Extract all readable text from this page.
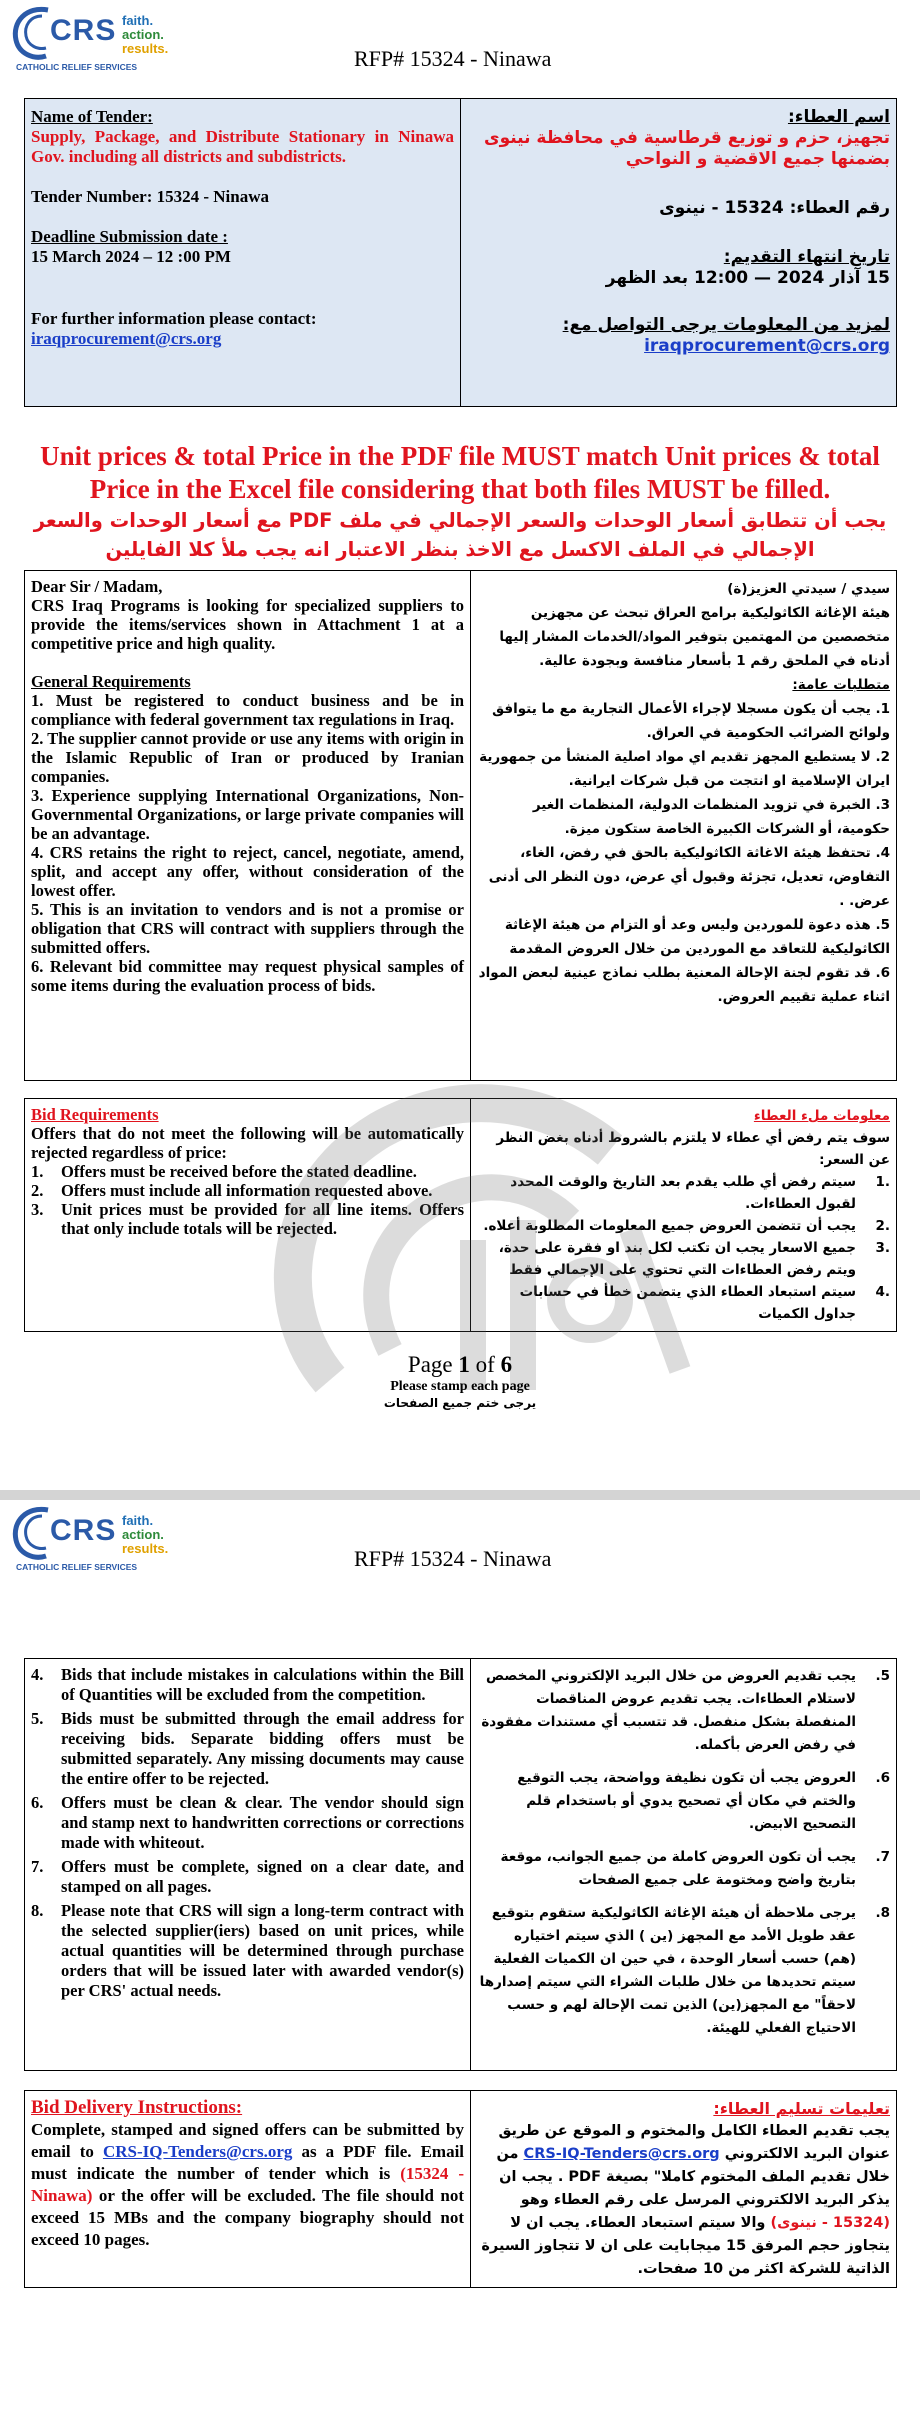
CRS faith.
action.
results.
CATHOLIC RELIEF SERVICES	RFP# 15324 - Ninawa
Name of Tender:
Supply, Package, and Distribute Stationary in Ninawa Gov. including all districts and subdistricts.
Tender Number: 15324 - Ninawa
Deadline Submission date :
15 March 2024 – 12 :00 PM
For further information please contact:
iraqprocurement@crs.org

اسم العطاء:
تجهيز، حزم و توزيع قرطاسية في محافظة نينوى بضمنها جميع الاقضية و النواحي
رقم العطاء: 15324 - نينوى
تاريخ انتهاء التقديم:
15 آذار 2024 — 12:00 بعد الظهر
لمزيد من المعلومات يرجى التواصل مع:
iraqprocurement@crs.org
Unit prices & total Price in the PDF file MUST match Unit prices & total Price in the Excel file considering that both files MUST be filled.
يجب أن تتطابق أسعار الوحدات والسعر الإجمالي في ملف PDF مع أسعار الوحدات والسعر الإجمالي في الملف الاكسل مع الاخذ بنظر الاعتبار انه يجب ملأ كلا الفايلين
Dear Sir / Madam,
CRS Iraq Programs is looking for specialized suppliers to provide the items/services shown in Attachment 1 at a competitive price and high quality.
General Requirements
1. Must be registered to conduct business and be in compliance with federal government tax regulations in Iraq.
2. The supplier cannot provide or use any items with origin in the Islamic Republic of Iran or produced by Iranian companies.
3. Experience supplying International Organizations, Non-Governmental Organizations, or large private companies will be an advantage.
4. CRS retains the right to reject, cancel, negotiate, amend, split, and accept any offer, without consideration of the lowest offer.
5. This is an invitation to vendors and is not a promise or obligation that CRS will contract with suppliers through the submitted offers.
6. Relevant bid committee may request physical samples of some items during the evaluation process of bids.

سيدي / سيدتي العزيز(ة)
هيئة الإغاثة الكاثوليكية برامج العراق تبحث عن مجهزين متخصصين من المهتمين بتوفير المواد/الخدمات المشار إليها أدناه في الملحق رقم 1 بأسعار منافسة وبجودة عالية.
متطلبات عامة:
1. يجب أن يكون مسجلا لإجراء الأعمال التجارية مع ما يتوافق ولوائح الضرائب الحكومية في العراق.
2. لا يستطيع المجهز تقديم اي مواد اصلية المنشأ من جمهورية ايران الإسلامية او انتجت من قبل شركات ايرانية.
3. الخبرة في تزويد المنظمات الدولية، المنظمات الغير حكومية، أو الشركات الكبيرة الخاصة ستكون ميزة.
4. تحتفظ هيئة الاغاثة الكاثوليكية بالحق في رفض، الغاء، التفاوض، تعديل، تجزئة وقبول أي عرض، دون النظر الى أدنى عرض. .
5. هذه دعوة للموردين وليس وعد أو التزام من هيئة الإغاثة الكاثوليكية للتعاقد مع الموردين من خلال العروض المقدمة
6. قد تقوم لجنة الإحالة المعنية بطلب نماذج عينية لبعض المواد اثناء عملية تقييم العروض.
Bid Requirements
Offers that do not meet the following will be automatically rejected regardless of price:
1.	Offers must be received before the stated deadline.
2.	Offers must include all information requested above.
3.	Unit prices must be provided for all line items. Offers that only include totals will be rejected.

معلومات ملء العطاء
سوف يتم رفض أي عطاء لا يلتزم بالشروط أدناه بغض النظر عن السعر:
.1
سيتم رفض أي طلب يقدم بعد التاريخ والوقت المحدد لقبول العطاءات.
.2
يجب أن تتضمن العروض جميع المعلومات المطلوبة أعلاه.
.3
جميع الاسعار يجب ان تكتب لكل بند او فقرة على حدة، ويتم رفض العطاءات التي تحتوي على الإجمالي فقط
.4
سيتم استبعاد العطاء الذي يتضمن خطأ في حسابات جداول الكميات
Page 1 of 6
Please stamp each page
يرجى ختم جميع الصفحات
CRS faith.
action.
results.
CATHOLIC RELIEF SERVICES	RFP# 15324 - Ninawa
4.	Bids that include mistakes in calculations within the Bill of Quantities will be excluded from the competition.
5.	Bids must be submitted through the email address for receiving bids. Separate bidding offers must be submitted separately. Any missing documents may cause the entire offer to be rejected.
6.	Offers must be clean & clear. The vendor should sign and stamp next to handwritten corrections or corrections made with whiteout.
7.	Offers must be complete, signed on a clear date, and stamped on all pages.
8.	Please note that CRS will sign a long-term contract with the selected supplier(iers) based on unit prices, while actual quantities will be determined through purchase orders that will be issued later with awarded vendor(s) per CRS' actual needs.

5.
يجب تقديم العروض من خلال البريد الإلكتروني المخصص لاستلام العطاءات. يجب تقديم عروض المناقصات المنفصلة بشكل منفصل. قد تتسبب أي مستندات مفقودة في رفض العرض بأكمله.
6.
العروض يجب أن تكون نظيفة وواضحة، يجب التوقيع والختم في مكان أي تصحيح يدوي أو باستخدام قلم التصحيح الابيض.
7.
يجب أن تكون العروض كاملة من جميع الجوانب، موقعة بتاريخ واضح ومختومة على جميع الصفحات
8.
يرجى ملاحظة أن هيئة الإغاثة الكاثوليكية ستقوم بتوقيع عقد طويل الأمد مع المجهز (ين ) الذي سيتم اختياره (هم) حسب أسعار الوحدة ، في حين ان الكميات الفعلية سيتم تحديدها من خلال طلبات الشراء التي سيتم إصدارها لاحقاً" مع المجهز(ين) الذين تمت الإحالة لهم و حسب الاحتياج الفعلي للهيئة.
Bid Delivery Instructions:
Complete, stamped and signed offers can be submitted by email to CRS-IQ-Tenders@crs.org as a PDF file. Email must indicate the number of tender which is (15324 - Ninawa) or the offer will be excluded. The file should not exceed 15 MBs and the company biography should not exceed 10 pages.

تعليمات تسليم العطاء:
يجب تقديم العطاء الكامل والمختوم و الموقع عن طريق عنوان البريد الالكتروني CRS-IQ-Tenders@crs.org من خلال تقديم الملف المختوم كاملا" بصيغة PDF . يجب ان يذكر البريد الالكتروني المرسل على رقم العطاء وهو (15324 - نينوى) والا سيتم استبعاد العطاء. يجب ان لا يتجاوز حجم المرفق 15 ميجابايت على ان لا تتجاوز السيرة الذاتية للشركة اكثر من 10 صفحات.
